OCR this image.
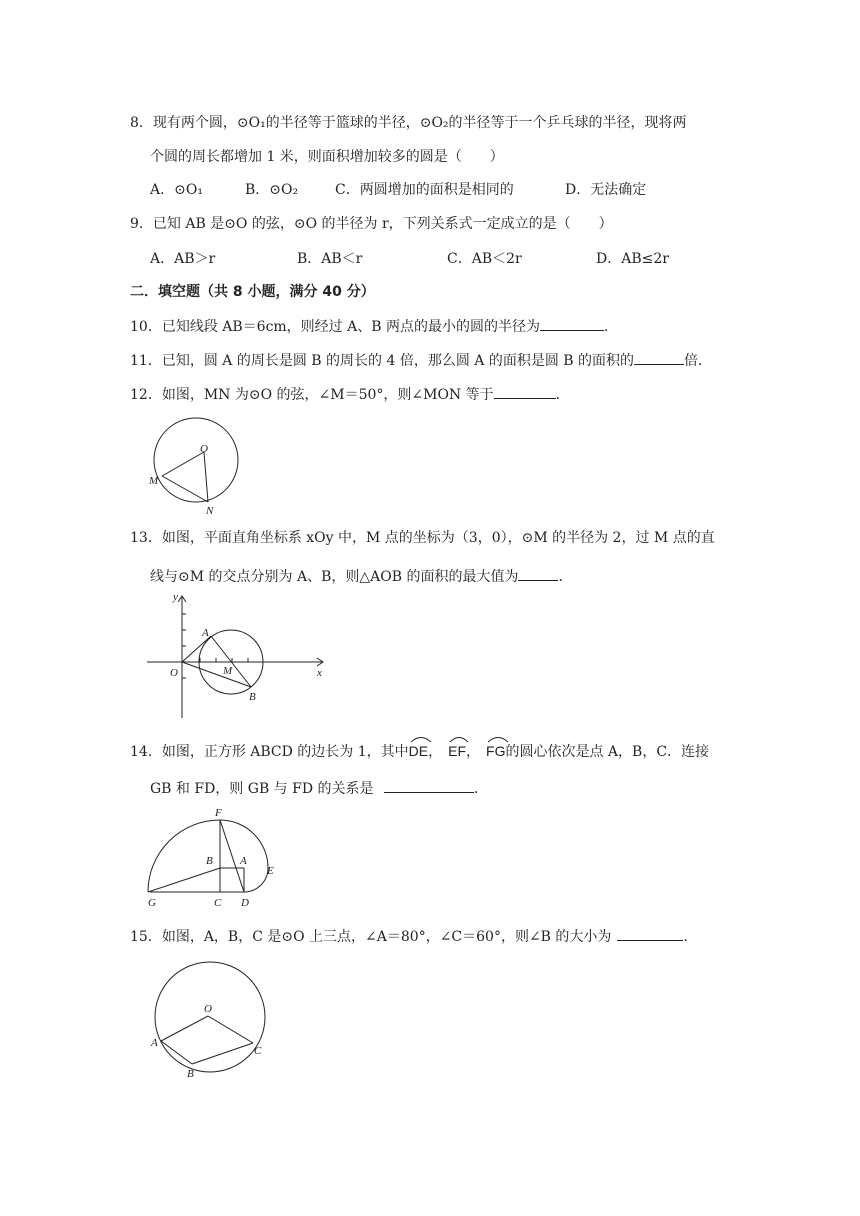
8．现有两个圆，⊙O₁的半径等于篮球的半径，⊙O₂的半径等于一个乒乓球的半径，现将两
个圆的周长都增加 1 米，则面积增加较多的圆是（　　）
A．⊙O₁	B．⊙O₂	C．两圆增加的面积是相同的	D．无法确定
9．已知 AB 是⊙O 的弦，⊙O 的半径为 r，下列关系式一定成立的是（　　）
A．AB＞r	B．AB＜r	C．AB＜2r	D．AB≤2r
二．填空题（共 8 小题，满分 40 分）
10．已知线段 AB＝6cm，则经过 A、B 两点的最小的圆的半径为	．
11．已知，圆 A 的周长是圆 B 的周长的 4 倍，那么圆 A 的面积是圆 B 的面积的	倍．
12．如图，MN 为⊙O 的弦，∠M＝50°，则∠MON 等于	．
O
M
N
13．如图，平面直角坐标系 xOy 中，M 点的坐标为（3，0），⊙M 的半径为 2，过 M 点的直
线与⊙M 的交点分别为 A、B，则△AOB 的面积的最大值为	．
y
x
O
A
M
B
14．如图，正方形 ABCD 的边长为 1，其中
DE， EF， FG的圆心依次是点 A，B，C．连接
GB 和 FD，则 GB 与 FD 的关系是	．
F
B A
E
G	C D
15．如图，A，B，C 是⊙O 上三点，∠A＝80°，∠C＝60°，则∠B 的大小为	．
O
A
B
C
